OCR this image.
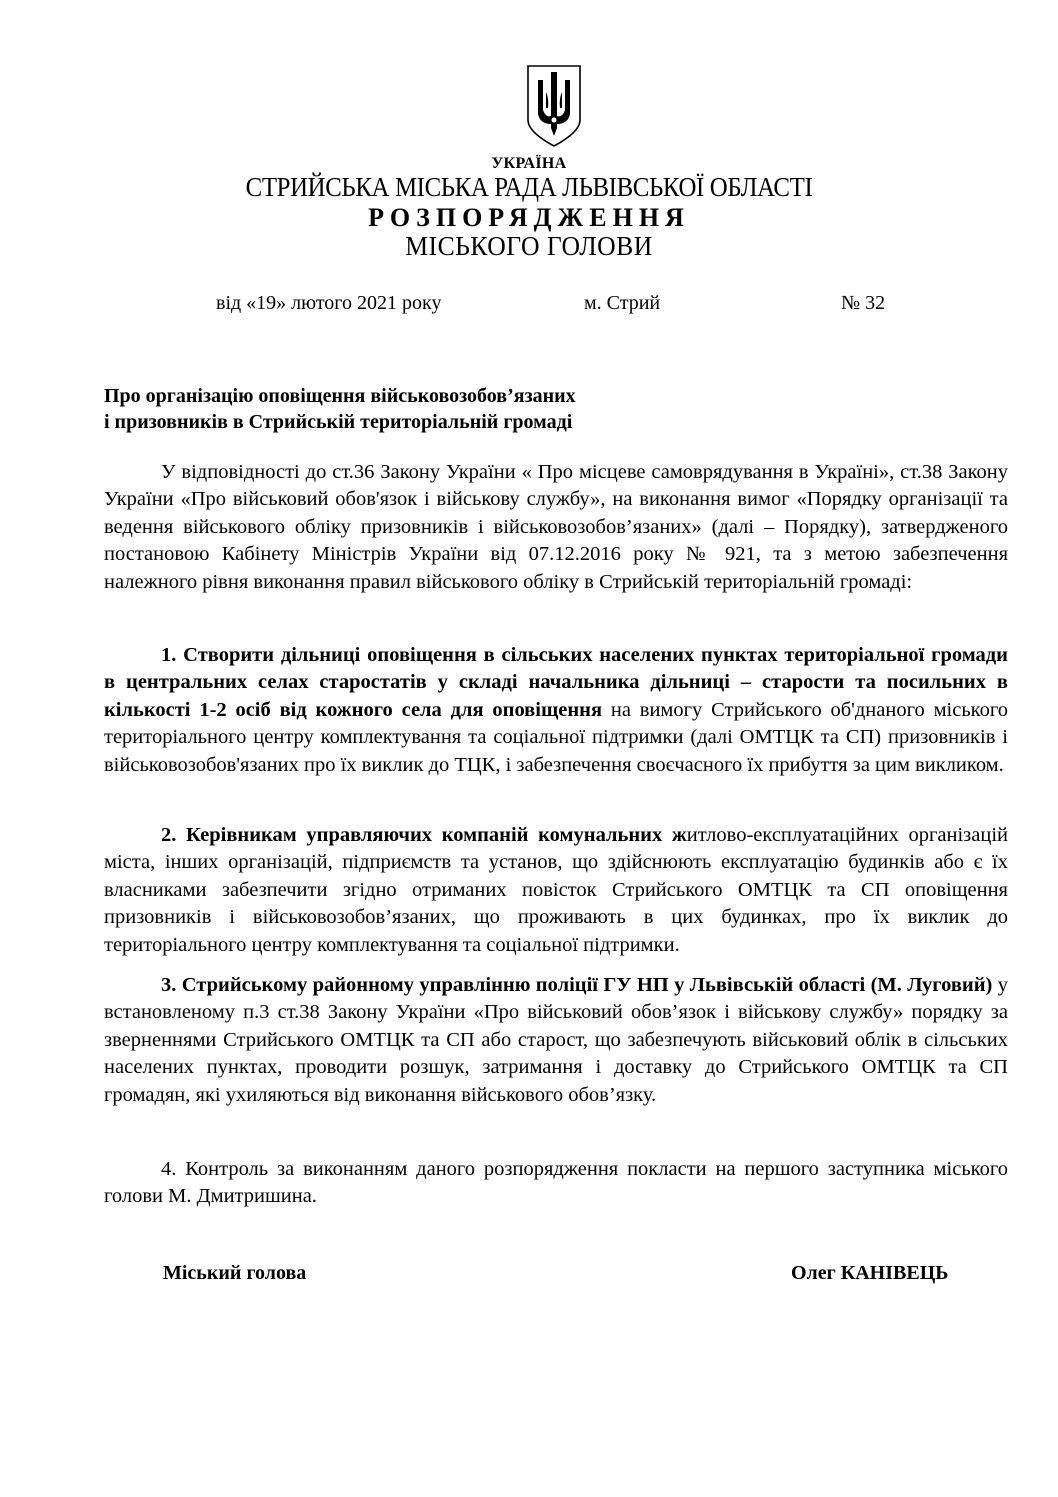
УКРАЇНА
СТРИЙСЬКА МІСЬКА РАДА ЛЬВІВСЬКОЇ ОБЛАСТІ
РОЗПОРЯДЖЕННЯ
МІСЬКОГО ГОЛОВИ
від «19» лютого 2021 року	м. Стрий	№ 32
Про організацію оповіщення військовозобов’язаних
і призовників в Стрийській територіальній громаді
У відповідності до ст.36 Закону України « Про місцеве самоврядування в Україні», ст.38 Закону України «Про військовий обов'язок і військову службу», на виконання вимог «Порядку організації та ведення військового обліку призовників і військовозобов’язаних» (далі – Порядку), затвердженого постановою Кабінету Міністрів України від 07.12.2016 року № 921, та з метою забезпечення належного рівня виконання правил військового обліку в Стрийській територіальній громаді:
1. Створити дільниці оповіщення в сільських населених пунктах територіальної громади в центральних селах старостатів у складі начальника дільниці – старости та посильних в кількості 1-2 осіб від кожного села для оповіщення на вимогу Стрийського об'днаного міського територіального центру комплектування та соціальної підтримки (далі ОМТЦК та СП) призовників і військовозобов'язаних про їх виклик до ТЦК, і забезпечення своєчасного їх прибуття за цим викликом.
2. Керівникам управляючих компаній комунальних житлово-експлуатаційних організацій міста, інших організацій, підприємств та установ, що здійснюють експлуатацію будинків або є їх власниками забезпечити згідно отриманих повісток Стрийського ОМТЦК та СП оповіщення призовників і військовозобов’язаних, що проживають в цих будинках, про їх виклик до територіального центру комплектування та соціальної підтримки.
3. Стрийському районному управлінню поліції ГУ НП у Львівській області (М. Луговий) у встановленому п.3 ст.38 Закону України «Про військовий обов’язок і військову службу» порядку за зверненнями Стрийського ОМТЦК та СП або старост, що забезпечують військовий облік в сільських населених пунктах, проводити розшук, затримання і доставку до Стрийського ОМТЦК та СП громадян, які ухиляються від виконання військового обов’язку.
4. Контроль за виконанням даного розпорядження покласти на першого заступника міського голови М. Дмитришина.
Міський голова	Олег КАНІВЕЦЬ
